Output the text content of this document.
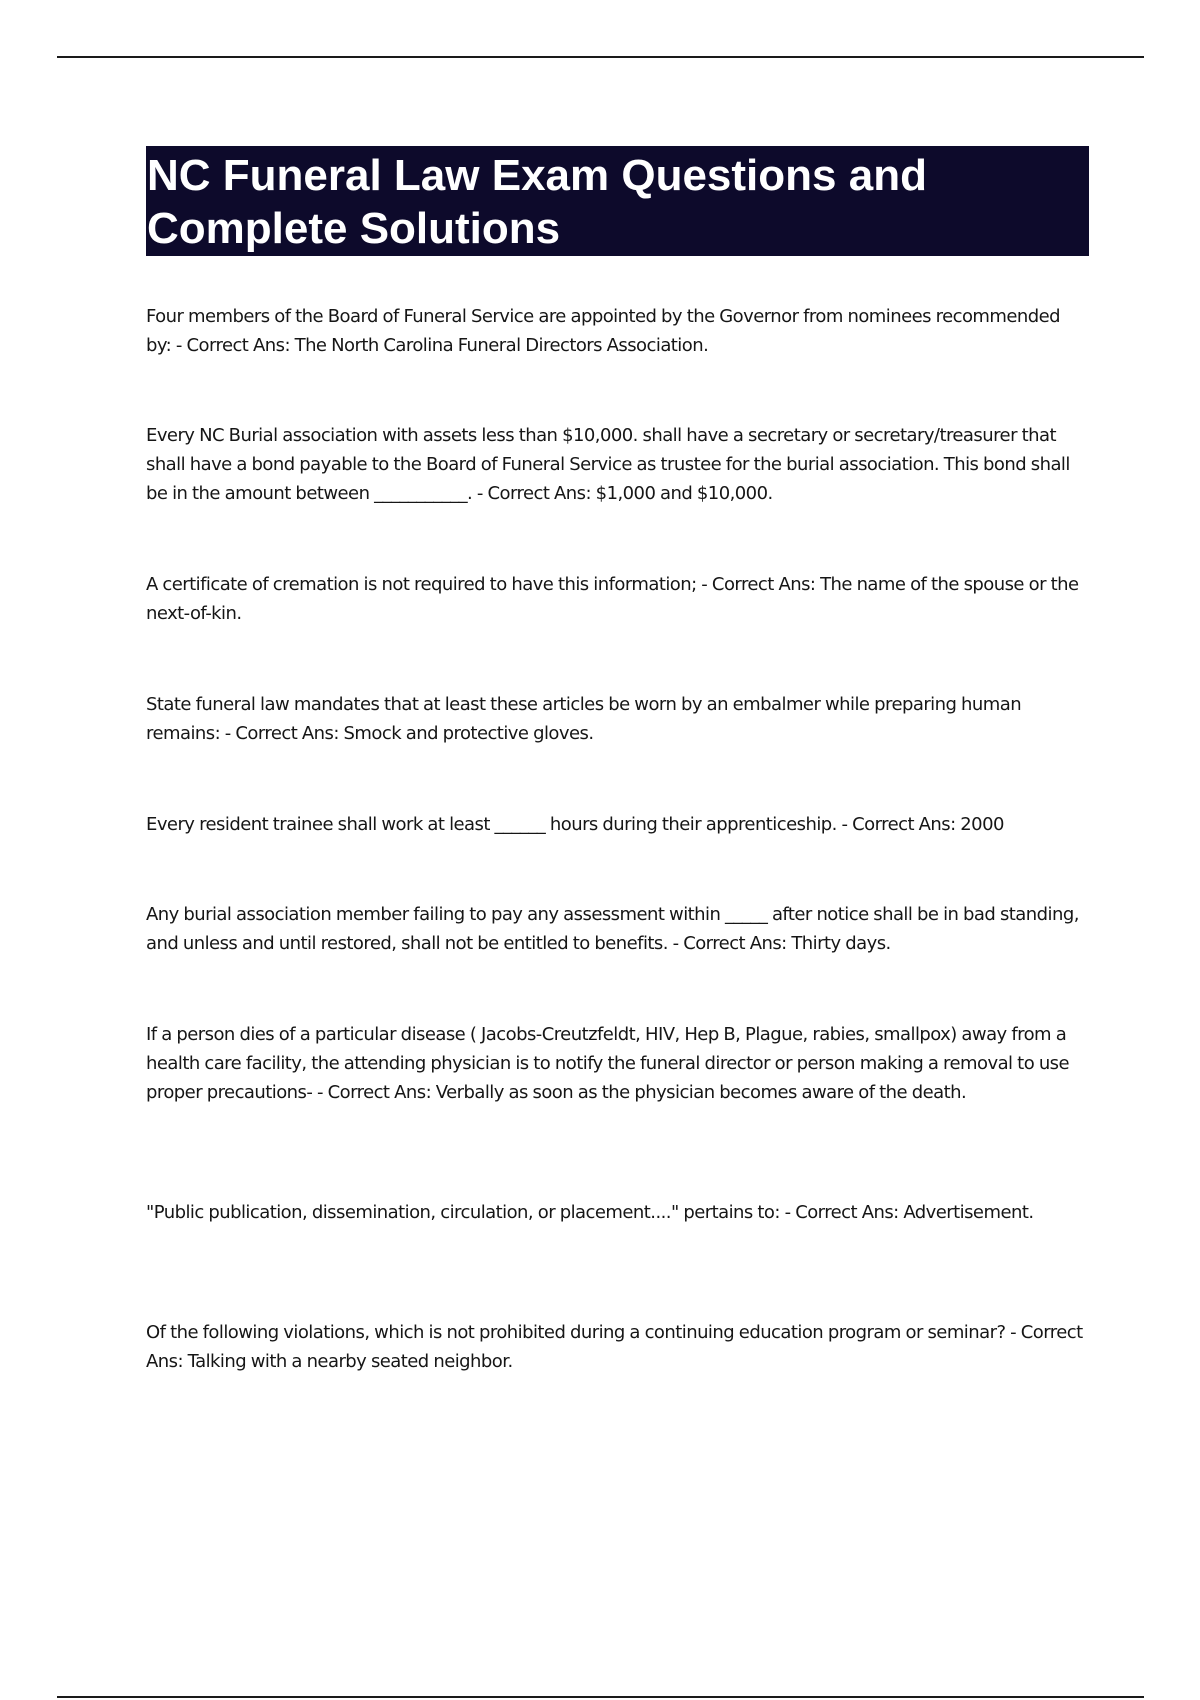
NC Funeral Law Exam Questions and Complete Solutions

Four members of the Board of Funeral Service are appointed by the Governor from nominees recommended by: - Correct Ans: The North Carolina Funeral Directors Association.

Every NC Burial association with assets less than $10,000. shall have a secretary or secretary/treasurer that shall have a bond payable to the Board of Funeral Service as trustee for the burial association. This bond shall be in the amount between ___________. - Correct Ans: $1,000 and $10,000.

A certificate of cremation is not required to have this information; - Correct Ans: The name of the spouse or the next-of-kin.

State funeral law mandates that at least these articles be worn by an embalmer while preparing human remains: - Correct Ans: Smock and protective gloves.

Every resident trainee shall work at least ______ hours during their apprenticeship. - Correct Ans: 2000

Any burial association member failing to pay any assessment within _____ after notice shall be in bad standing, and unless and until restored, shall not be entitled to benefits. - Correct Ans: Thirty days.

If a person dies of a particular disease ( Jacobs-Creutzfeldt, HIV, Hep B, Plague, rabies, smallpox) away from a health care facility, the attending physician is to notify the funeral director or person making a removal to use proper precautions- - Correct Ans: Verbally as soon as the physician becomes aware of the death.

"Public publication, dissemination, circulation, or placement...." pertains to: - Correct Ans: Advertisement.

Of the following violations, which is not prohibited during a continuing education program or seminar? - Correct Ans: Talking with a nearby seated neighbor.
